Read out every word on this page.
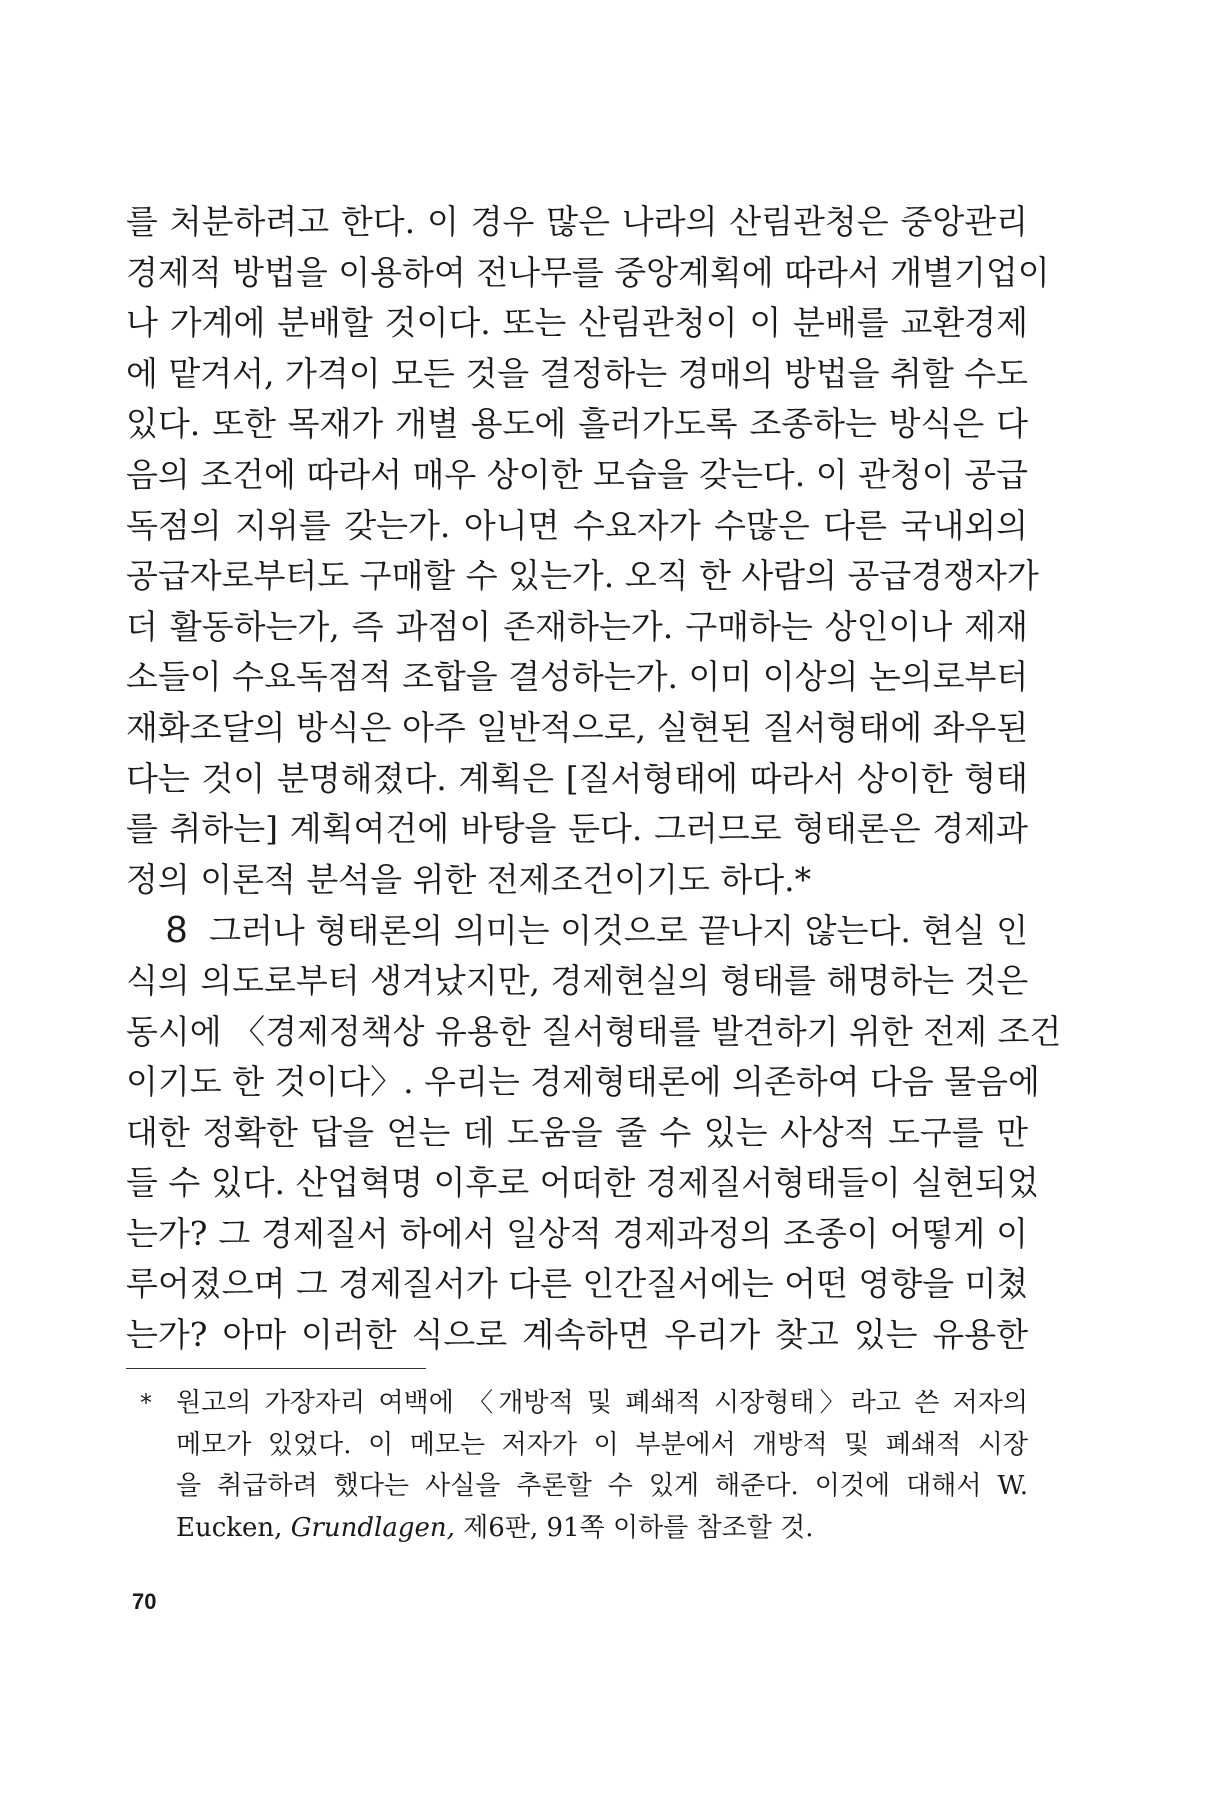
를 처분하려고 한다. 이 경우 많은 나라의 산림관청은 중앙관리
경제적 방법을 이용하여 전나무를 중앙계획에 따라서 개별기업이
나 가계에 분배할 것이다. 또는 산림관청이 이 분배를 교환경제
에 맡겨서, 가격이 모든 것을 결정하는 경매의 방법을 취할 수도
있다. 또한 목재가 개별 용도에 흘러가도록 조종하는 방식은 다
음의 조건에 따라서 매우 상이한 모습을 갖는다. 이 관청이 공급
독점의 지위를 갖는가. 아니면 수요자가 수많은 다른 국내외의
공급자로부터도 구매할 수 있는가. 오직 한 사람의 공급경쟁자가
더 활동하는가, 즉 과점이 존재하는가. 구매하는 상인이나 제재
소들이 수요독점적 조합을 결성하는가. 이미 이상의 논의로부터
재화조달의 방식은 아주 일반적으로, 실현된 질서형태에 좌우된
다는 것이 분명해졌다. 계획은 [질서형태에 따라서 상이한 형태
를 취하는] 계획여건에 바탕을 둔다. 그러므로 형태론은 경제과
정의 이론적 분석을 위한 전제조건이기도 하다.*
8 그러나 형태론의 의미는 이것으로 끝나지 않는다. 현실 인
식의 의도로부터 생겨났지만, 경제현실의 형태를 해명하는 것은
동시에 〈경제정책상 유용한 질서형태를 발견하기 위한 전제 조건
이기도 한 것이다〉. 우리는 경제형태론에 의존하여 다음 물음에
대한 정확한 답을 얻는 데 도움을 줄 수 있는 사상적 도구를 만
들 수 있다. 산업혁명 이후로 어떠한 경제질서형태들이 실현되었
는가? 그 경제질서 하에서 일상적 경제과정의 조종이 어떻게 이
루어졌으며 그 경제질서가 다른 인간질서에는 어떤 영향을 미쳤
는가? 아마 이러한 식으로 계속하면 우리가 찾고 있는 유용한
* 원고의 가장자리 여백에 〈개방적 및 폐쇄적 시장형태〉라고 쓴 저자의
메모가 있었다. 이 메모는 저자가 이 부분에서 개방적 및 폐쇄적 시장
을 취급하려 했다는 사실을 추론할 수 있게 해준다. 이것에 대해서 W.
Eucken, Grundlagen, 제6판, 91쪽 이하를 참조할 것.
70
